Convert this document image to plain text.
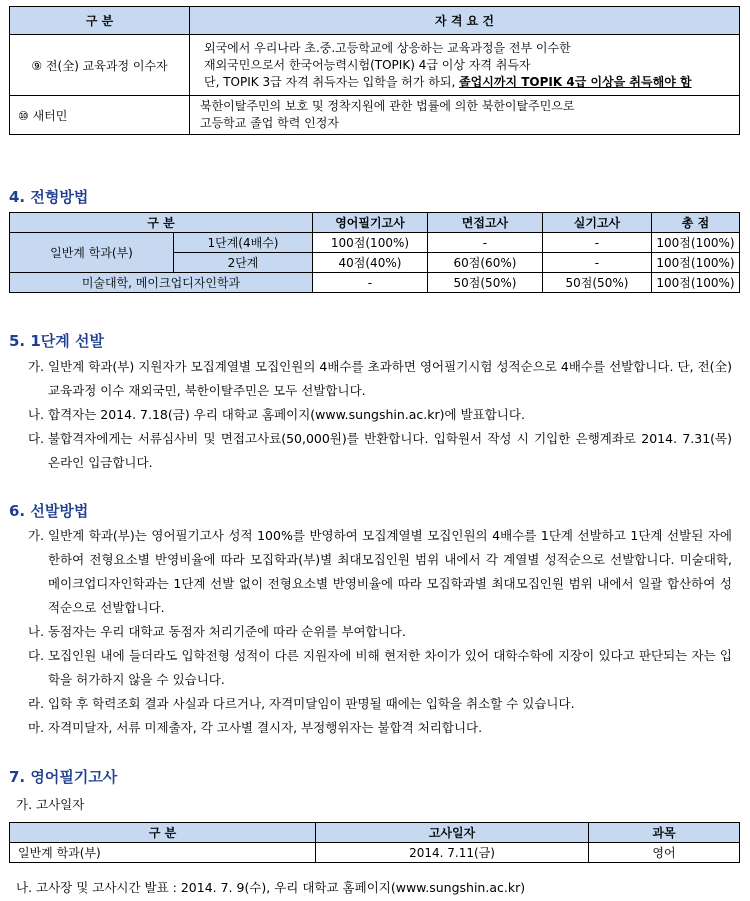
구 분	자 격 요 건
⑨ 전(全) 교육과정 이수자	외국에서 우리나라 초.중.고등학교에 상응하는 교육과정을 전부 이수한
재외국민으로서 한국어능력시험(TOPIK) 4급 이상 자격 취득자
단, TOPIK 3급 자격 취득자는 입학을 허가 하되, 졸업시까지 TOPIK 4급 이상을 취득해야 함

⑩ 새터민	북한이탈주민의 보호 및 정착지원에 관한 법률에 의한 북한이탈주민으로
고등학교 졸업 학력 인정자
4. 전형방법
구 분		영어필기고사	면접고사	실기고사	총 점
일반계 학과(부)	1단계(4배수)	100점(100%)	-	-	100점(100%)
	2단계	40점(40%)	60점(60%)	-	100점(100%)
미술대학, 메이크업디자인학과		-	50점(50%)	50점(50%)	100점(100%)
5. 1단계 선발
가. 일반계 학과(부) 지원자가 모집계열별 모집인원의 4배수를 초과하면 영어필기시험 성적순으로 4배수를 선발합니다. 단, 전(全)교육과정 이수 재외국민, 북한이탈주민은 모두 선발합니다.
나. 합격자는 2014. 7.18(금) 우리 대학교 홈페이지(www.sungshin.ac.kr)에 발표합니다.
다. 불합격자에게는 서류심사비 및 면접고사료(50,000원)를 반환합니다. 입학원서 작성 시 기입한 은행계좌로 2014. 7.31(목) 온라인 입금합니다.
6. 선발방법
가. 일반계 학과(부)는 영어필기고사 성적 100%를 반영하여 모집계열별 모집인원의 4배수를 1단계 선발하고 1단계 선발된 자에 한하여 전형요소별 반영비율에 따라 모집학과(부)별 최대모집인원 범위 내에서 각 계열별 성적순으로 선발합니다. 미술대학, 메이크업디자인학과는 1단계 선발 없이 전형요소별 반영비율에 따라 모집학과별 최대모집인원 범위 내에서 일괄 합산하여 성적순으로 선발합니다.
나. 동점자는 우리 대학교 동점자 처리기준에 따라 순위를 부여합니다.
다. 모집인원 내에 들더라도 입학전형 성적이 다른 지원자에 비해 현저한 차이가 있어 대학수학에 지장이 있다고 판단되는 자는 입학을 허가하지 않을 수 있습니다.
라. 입학 후 학력조회 결과 사실과 다르거나, 자격미달임이 판명될 때에는 입학을 취소할 수 있습니다.
마. 자격미달자, 서류 미제출자, 각 고사별 결시자, 부정행위자는 불합격 처리합니다.
7. 영어필기고사
가. 고사일자
구 분	고사일자	과목
일반계 학과(부)	2014. 7.11(금)	영어
나. 고사장 및 고사시간 발표 : 2014. 7. 9(수), 우리 대학교 홈페이지(www.sungshin.ac.kr)
